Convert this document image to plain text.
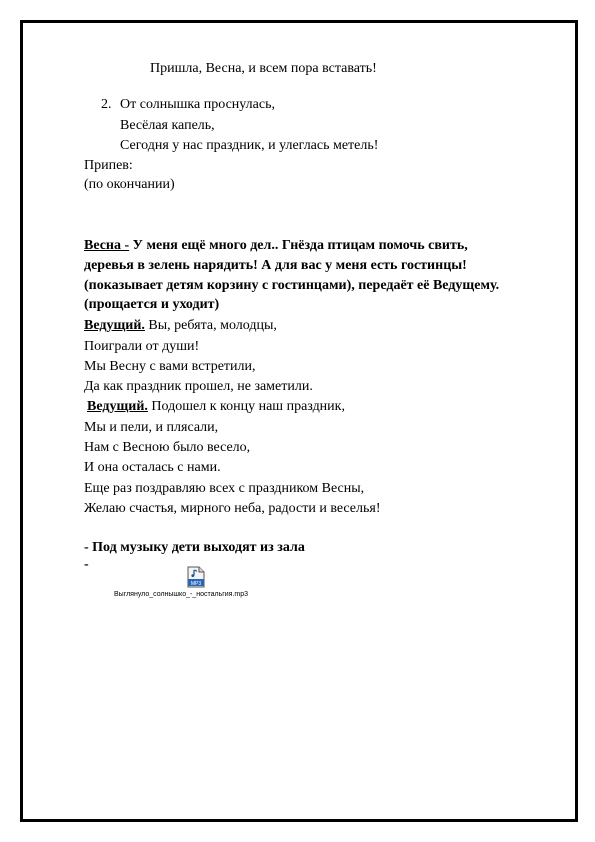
Пришла, Весна, и всем пора вставать!
2. От солнышка проснулась,
Весёлая капель,
Сегодня у нас праздник, и улеглась метель!
Припев:
(по окончании)
Весна - У меня ещё много дел.. Гнёзда птицам помочь свить,
деревья в зелень нарядить! А для вас у меня есть гостинцы!
(показывает детям корзину с гостинцами), передаёт её Ведущему.
(прощается и уходит)
Ведущий. Вы, ребята, молодцы,
Поиграли от души!
Мы Весну с вами встретили,
Да как праздник прошел, не заметили.
Ведущий. Подошел к концу наш праздник,
Мы и пели, и плясали,
Нам с Весною было весело,
И она осталась с нами.
Еще раз поздравляю всех с праздником Весны,
Желаю счастья, мирного неба, радости и веселья!
- Под музыку дети выходят из зала
-
MP3
Выглянуло_солнышко_-_ностальгия.mp3
